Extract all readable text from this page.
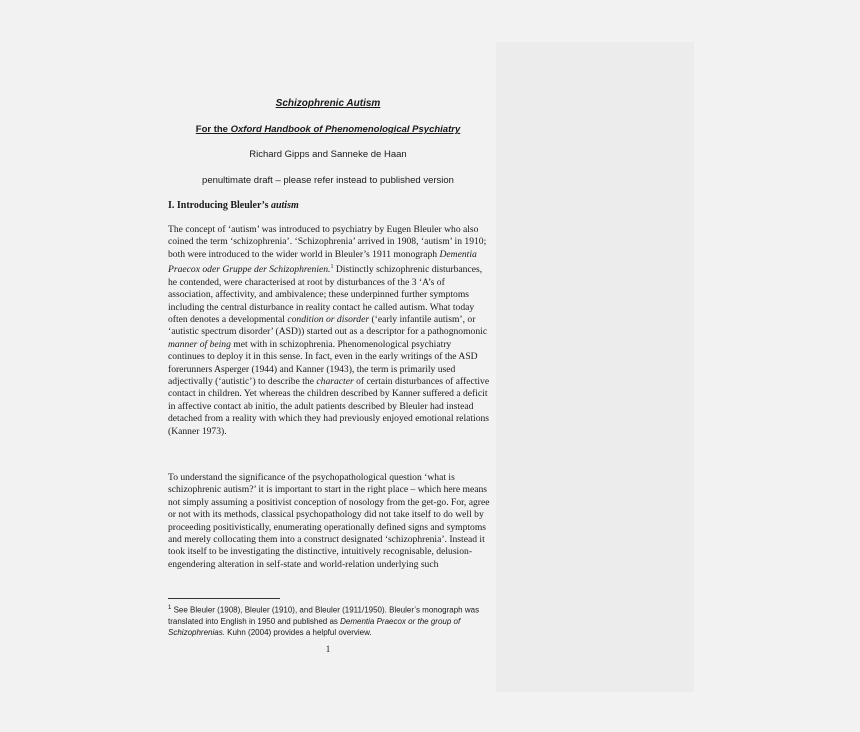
Schizophrenic Autism
For the Oxford Handbook of Phenomenological Psychiatry
Richard Gipps and Sanneke de Haan
penultimate draft – please refer instead to published version
I. Introducing Bleuler’s autism
The concept of ‘autism’ was introduced to psychiatry by Eugen Bleuler who also coined the term ‘schizophrenia’. ‘Schizophrenia’ arrived in 1908, ‘autism’ in 1910; both were introduced to the wider world in Bleuler’s 1911 monograph Dementia Praecox oder Gruppe der Schizophrenien.$^1$ Distinctly schizophrenic disturbances, he contended, were characterised at root by disturbances of the 3 ‘A’s of association, affectivity, and ambivalence; these underpinned further symptoms including the central disturbance in reality contact he called autism. What today often denotes a developmental condition or disorder (‘early infantile autism’, or ‘autistic spectrum disorder’ (ASD)) started out as a descriptor for a pathognomonic manner of being met with in schizophrenia. Phenomenological psychiatry continues to deploy it in this sense. In fact, even in the early writings of the ASD forerunners Asperger (1944) and Kanner (1943), the term is primarily used adjectivally (‘autistic’) to describe the character of certain disturbances of affective contact in children. Yet whereas the children described by Kanner suffered a deficit in affective contact ab initio, the adult patients described by Bleuler had instead detached from a reality with which they had previously enjoyed emotional relations (Kanner 1973).
To understand the significance of the psychopathological question ‘what is schizophrenic autism?’ it is important to start in the right place – which here means not simply assuming a positivist conception of nosology from the get-go. For, agree or not with its methods, classical psychopathology did not take itself to do well by proceeding positivistically, enumerating operationally defined signs and symptoms and merely collocating them into a construct designated ‘schizophrenia’. Instead it took itself to be investigating the distinctive, intuitively recognisable, delusion-engendering alteration in self-state and world-relation underlying such
$^1$ See Bleuler (1908), Bleuler (1910), and Bleuler (1911/1950). Bleuler’s monograph was translated into English in 1950 and published as Dementia Praecox or the group of Schizophrenias. Kuhn (2004) provides a helpful overview.
1
